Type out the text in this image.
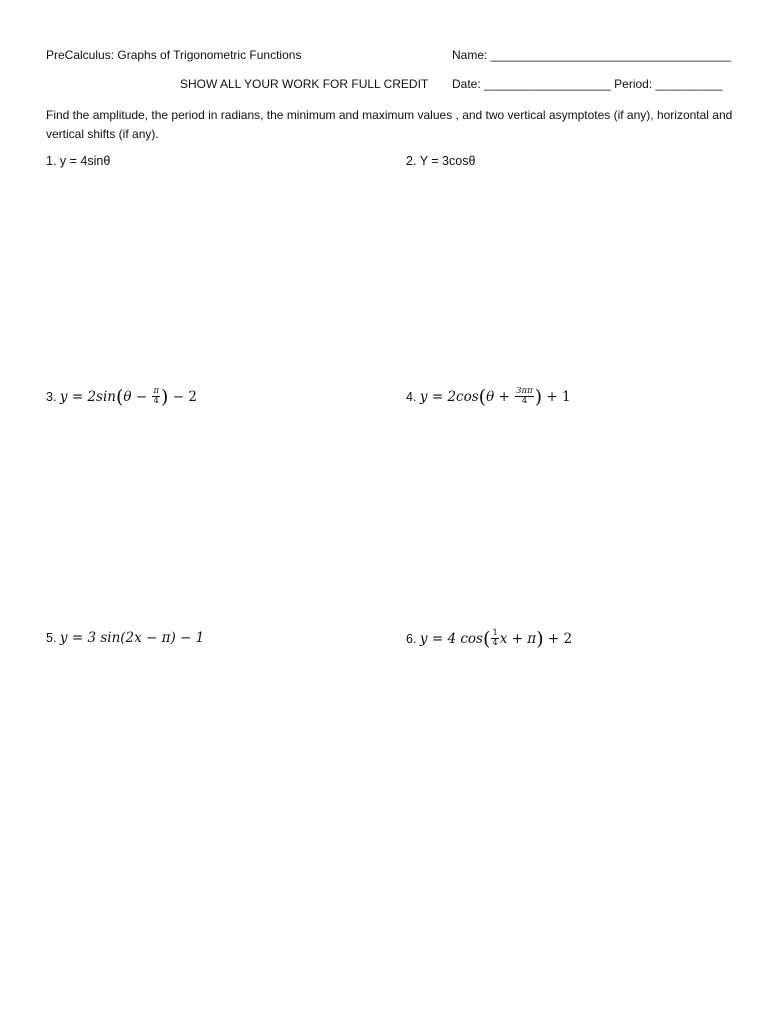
PreCalculus: Graphs of Trigonometric Functions	Name: ____________________________________
SHOW ALL YOUR WORK FOR FULL CREDIT Date: ___________________ Period: __________
Find the amplitude, the period in radians, the minimum and maximum values , and two vertical asymptotes (if any), horizontal and vertical shifts (if any).
1. y = 4sinθ	2. Y = 3cosθ
3. $y = 2\sin(\theta - \frac{\pi}{4}$ ) − 2	4. $y = 2\cos(\theta + \frac{3\pi\pi}{4}$ ) + 1
5. y = 3 sin(2x − π) − 1	6. y = 4 $\cos( \frac{1}{4}$ x + π) + 2
